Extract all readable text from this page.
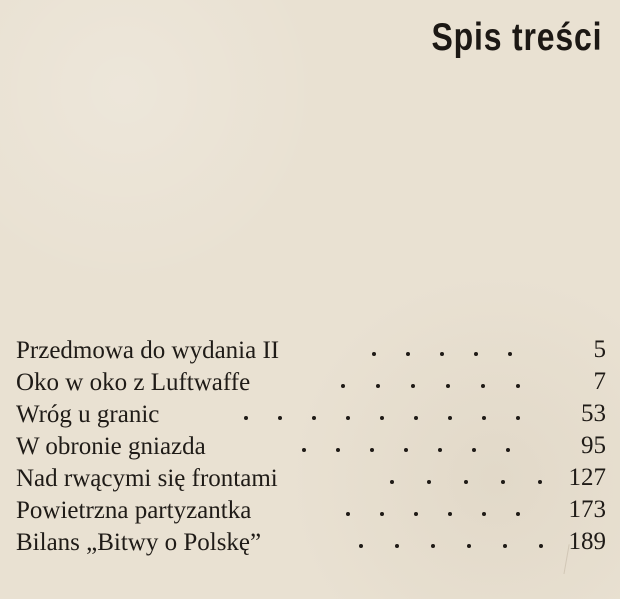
Spis treści
Przedmowa do wydania II	5
Oko w oko z Luftwaffe	7
Wróg u granic	53
W obronie gniazda	95
Nad rwącymi się frontami	127
Powietrzna partyzantka	173
Bilans „Bitwy o Polskę”	189
